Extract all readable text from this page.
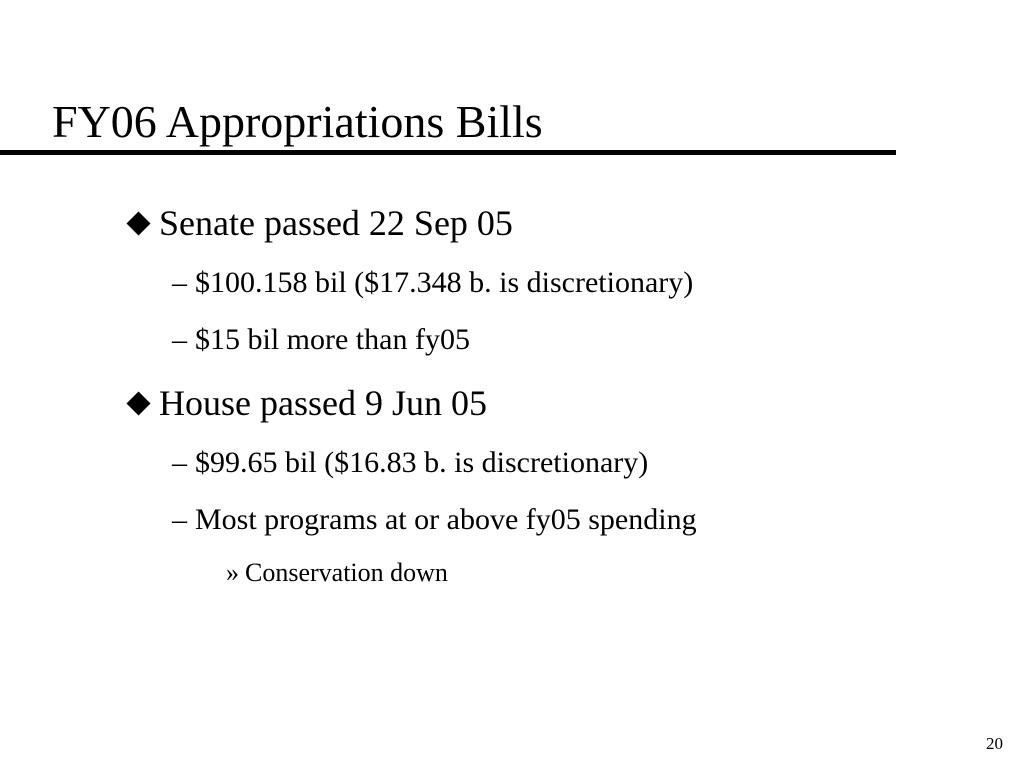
FY06 Appropriations Bills
Senate passed 22 Sep 05
– $100.158 bil ($17.348 b. is discretionary)
– $15 bil more than fy05
House passed 9 Jun 05
– $99.65 bil ($16.83 b. is discretionary)
– Most programs at or above fy05 spending
» Conservation down
20
